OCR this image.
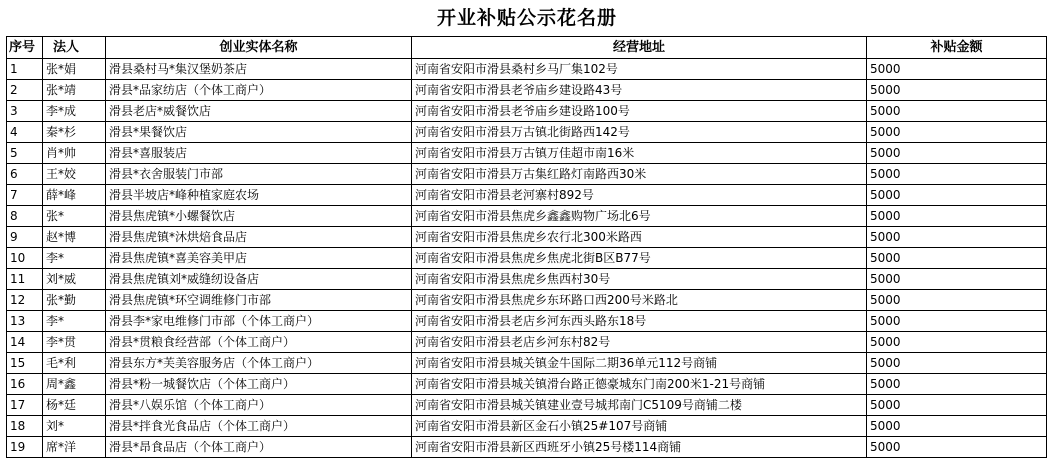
开业补贴公示花名册
序号	法人	创业实体名称	经营地址	补贴金额
1	张*娟	滑县桑村马*集汉堡奶茶店	河南省安阳市滑县桑村乡马厂集102号	5000
2	张*靖	滑县*品家纺店（个体工商户）	河南省安阳市滑县老爷庙乡建设路43号	5000
3	李*成	滑县老店*威餐饮店	河南省安阳市滑县老爷庙乡建设路100号	5000
4	秦*杉	滑县*果餐饮店	河南省安阳市滑县万古镇北街路西142号	5000
5	肖*帅	滑县*喜服装店	河南省安阳市滑县万古镇万佳超市南16米	5000
6	王*姣	滑县*衣舍服装门市部	河南省安阳市滑县万古集红路灯南路西30米	5000
7	薛*峰	滑县半坡店*峰种植家庭农场	河南省安阳市滑县老河寨村892号	5000
8	张*	滑县焦虎镇*小螺餐饮店	河南省安阳市滑县焦虎乡鑫鑫购物广场北6号	5000
9	赵*博	滑县焦虎镇*沐烘焙食品店	河南省安阳市滑县焦虎乡农行北300米路西	5000
10	李*	滑县焦虎镇*喜美容美甲店	河南省安阳市滑县焦虎乡焦虎北街B区B77号	5000
11	刘*威	滑县焦虎镇刘*威缝纫设备店	河南省安阳市滑县焦虎乡焦西村30号	5000
12	张*勤	滑县焦虎镇*环空调维修门市部	河南省安阳市滑县焦虎乡东环路口西200号米路北	5000
13	李*	滑县李*家电维修门市部（个体工商户）	河南省安阳市滑县老店乡河东西头路东18号	5000
14	李*贯	滑县*贯粮食经营部（个体工商户）	河南省安阳市滑县老店乡河东村82号	5000
15	毛*利	滑县东方*芙美容服务店（个体工商户）	河南省安阳市滑县城关镇金牛国际二期36单元112号商铺	5000
16	周*鑫	滑县*粉一城餐饮店（个体工商户）	河南省安阳市滑县城关镇滑台路正德豪城东门南200米1-21号商铺	5000
17	杨*廷	滑县*八娱乐馆（个体工商户）	河南省安阳市滑县城关镇建业壹号城邦南门C5109号商铺二楼	5000
18	刘*	滑县*拌食光食品店（个体工商户）	河南省安阳市滑县新区金石小镇25#107号商铺	5000
19	席*洋	滑县*昂食品店（个体工商户）	河南省安阳市滑县新区西班牙小镇25号楼114商铺	5000
